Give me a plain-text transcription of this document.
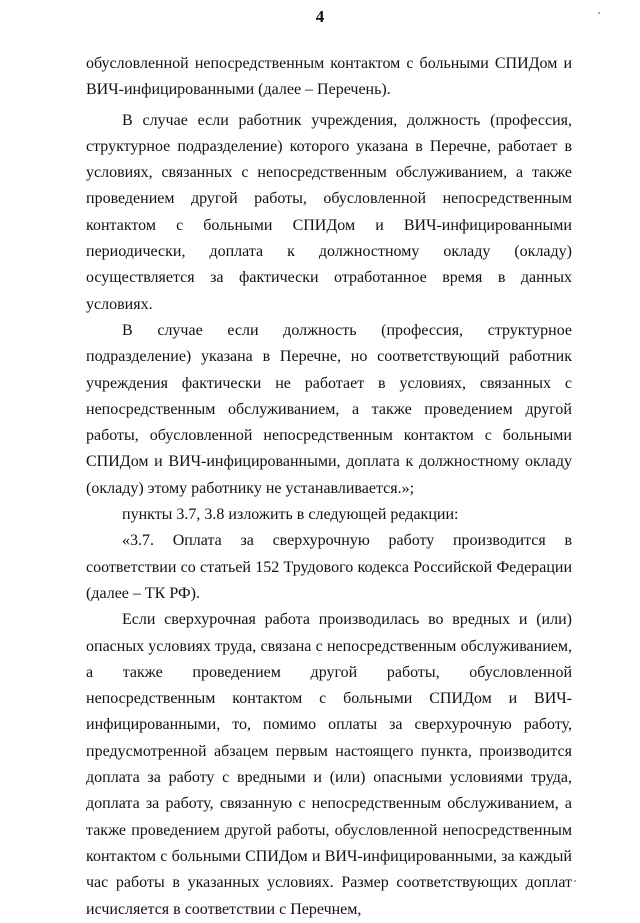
4

обусловленной непосредственным контактом с больными СПИДом и ВИЧ-инфицированными (далее – Перечень).

В случае если работник учреждения, должность (профессия, структурное подразделение) которого указана в Перечне, работает в условиях, связанных с непосредственным обслуживанием, а также проведением другой работы, обусловленной непосредственным контактом с больными СПИДом и ВИЧ-инфицированными периодически, доплата к должностному окладу (окладу) осуществляется за фактически отработанное время в данных условиях.

В случае если должность (профессия, структурное подразделение) указана в Перечне, но соответствующий работник учреждения фактически не работает в условиях, связанных с непосредственным обслуживанием, а также проведением другой работы, обусловленной непосредственным контактом с больными СПИДом и ВИЧ-инфицированными, доплата к должностному окладу (окладу) этому работнику не устанавливается.»;

пункты 3.7, 3.8 изложить в следующей редакции:

«3.7. Оплата за сверхурочную работу производится в соответствии со статьей 152 Трудового кодекса Российской Федерации (далее – ТК РФ).

Если сверхурочная работа производилась во вредных и (или) опасных условиях труда, связана с непосредственным обслуживанием, а также проведением другой работы, обусловленной непосредственным контактом с больными СПИДом и ВИЧ-инфицированными, то, помимо оплаты за сверхурочную работу, предусмотренной абзацем первым настоящего пункта, производится доплата за работу с вредными и (или) опасными условиями труда, доплата за работу, связанную с непосредственным обслуживанием, а также проведением другой работы, обусловленной непосредственным контактом с больными СПИДом и ВИЧ-инфицированными, за каждый час работы в указанных условиях. Размер соответствующих доплат исчисляется в соответствии с Перечнем,
